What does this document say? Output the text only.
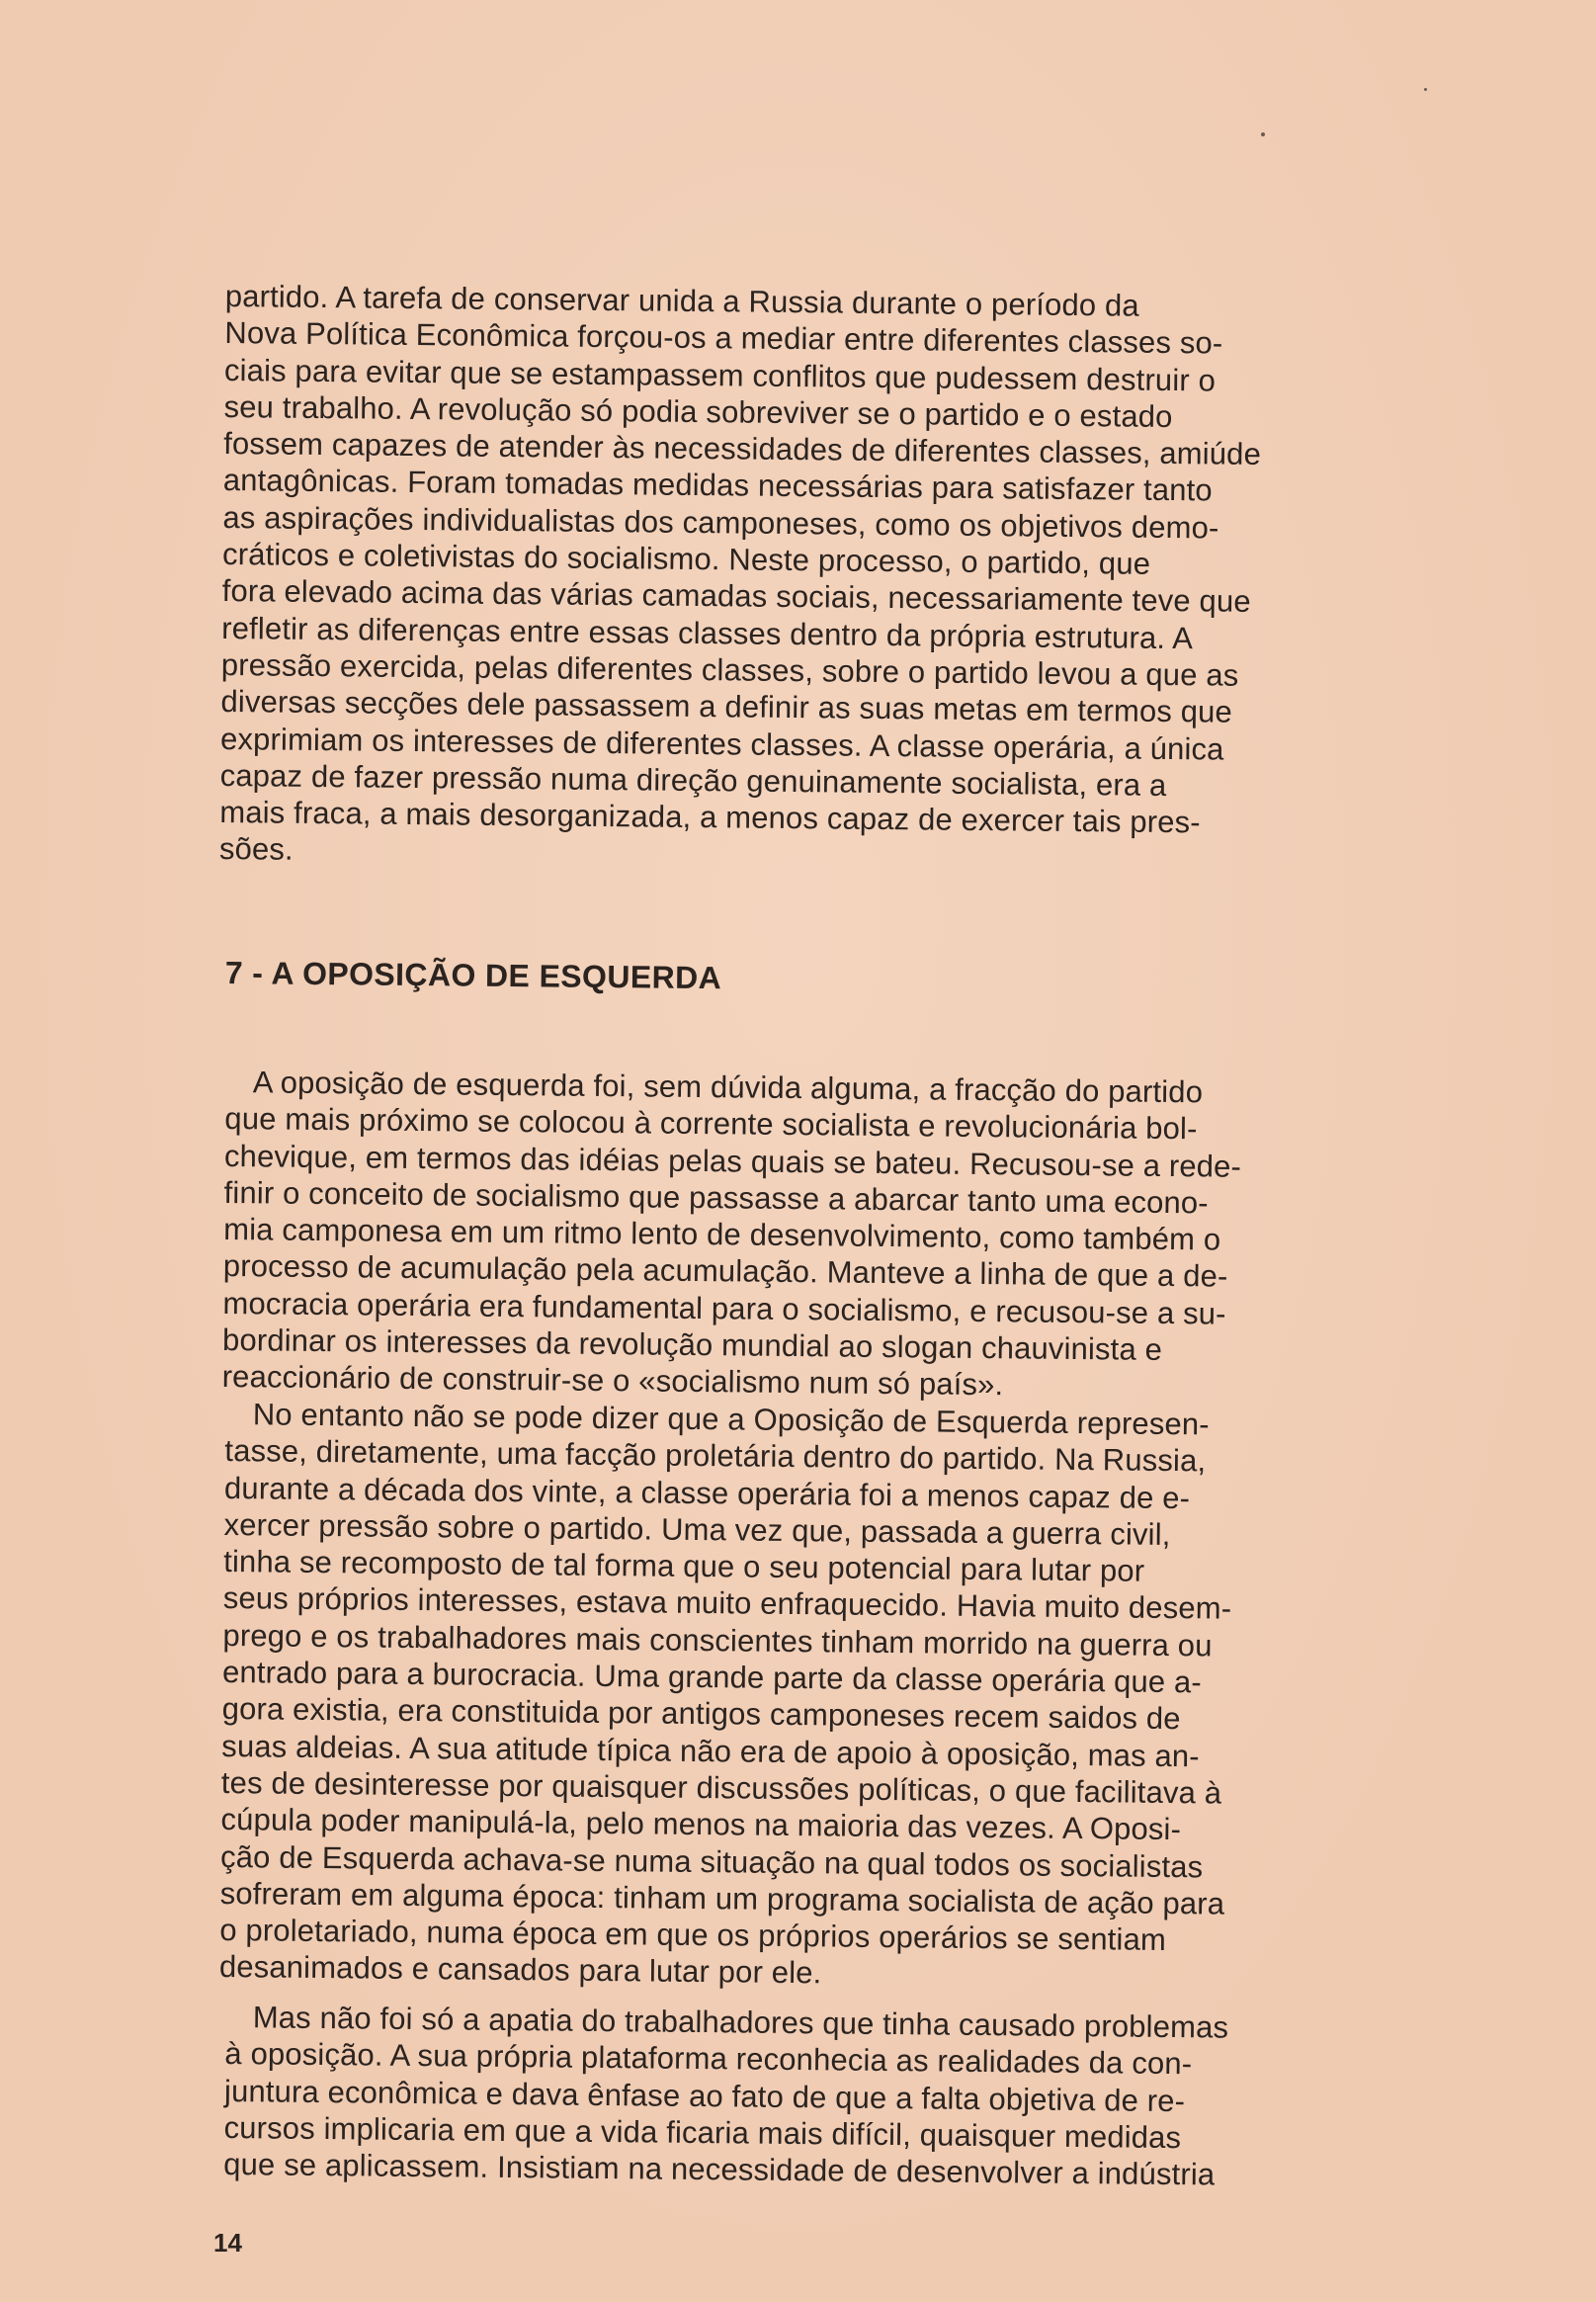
partido. A tarefa de conservar unida a Russia durante o período da
Nova Política Econômica forçou-os a mediar entre diferentes classes so-
ciais para evitar que se estampassem conflitos que pudessem destruir o
seu trabalho. A revolução só podia sobreviver se o partido e o estado
fossem capazes de atender às necessidades de diferentes classes, amiúde
antagônicas. Foram tomadas medidas necessárias para satisfazer tanto
as aspirações individualistas dos camponeses, como os objetivos demo-
cráticos e coletivistas do socialismo. Neste processo, o partido, que
fora elevado acima das várias camadas sociais, necessariamente teve que
refletir as diferenças entre essas classes dentro da própria estrutura. A
pressão exercida, pelas diferentes classes, sobre o partido levou a que as
diversas secções dele passassem a definir as suas metas em termos que
exprimiam os interesses de diferentes classes. A classe operária, a única
capaz de fazer pressão numa direção genuinamente socialista, era a
mais fraca, a mais desorganizada, a menos capaz de exercer tais pres-
sões.
7 - A OPOSIÇÃO DE ESQUERDA
A oposição de esquerda foi, sem dúvida alguma, a fracção do partido
que mais próximo se colocou à corrente socialista e revolucionária bol-
chevique, em termos das idéias pelas quais se bateu. Recusou-se a rede-
finir o conceito de socialismo que passasse a abarcar tanto uma econo-
mia camponesa em um ritmo lento de desenvolvimento, como também o
processo de acumulação pela acumulação. Manteve a linha de que a de-
mocracia operária era fundamental para o socialismo, e recusou-se a su-
bordinar os interesses da revolução mundial ao slogan chauvinista e
reaccionário de construir-se o «socialismo num só país».
No entanto não se pode dizer que a Oposição de Esquerda represen-
tasse, diretamente, uma facção proletária dentro do partido. Na Russia,
durante a década dos vinte, a classe operária foi a menos capaz de e-
xercer pressão sobre o partido. Uma vez que, passada a guerra civil,
tinha se recomposto de tal forma que o seu potencial para lutar por
seus próprios interesses, estava muito enfraquecido. Havia muito desem-
prego e os trabalhadores mais conscientes tinham morrido na guerra ou
entrado para a burocracia. Uma grande parte da classe operária que a-
gora existia, era constituida por antigos camponeses recem saidos de
suas aldeias. A sua atitude típica não era de apoio à oposição, mas an-
tes de desinteresse por quaisquer discussões políticas, o que facilitava à
cúpula poder manipulá-la, pelo menos na maioria das vezes. A Oposi-
ção de Esquerda achava-se numa situação na qual todos os socialistas
sofreram em alguma época: tinham um programa socialista de ação para
o proletariado, numa época em que os próprios operários se sentiam
desanimados e cansados para lutar por ele.
Mas não foi só a apatia do trabalhadores que tinha causado problemas
à oposição. A sua própria plataforma reconhecia as realidades da con-
juntura econômica e dava ênfase ao fato de que a falta objetiva de re-
cursos implicaria em que a vida ficaria mais difícil, quaisquer medidas
que se aplicassem. Insistiam na necessidade de desenvolver a indústria
14
